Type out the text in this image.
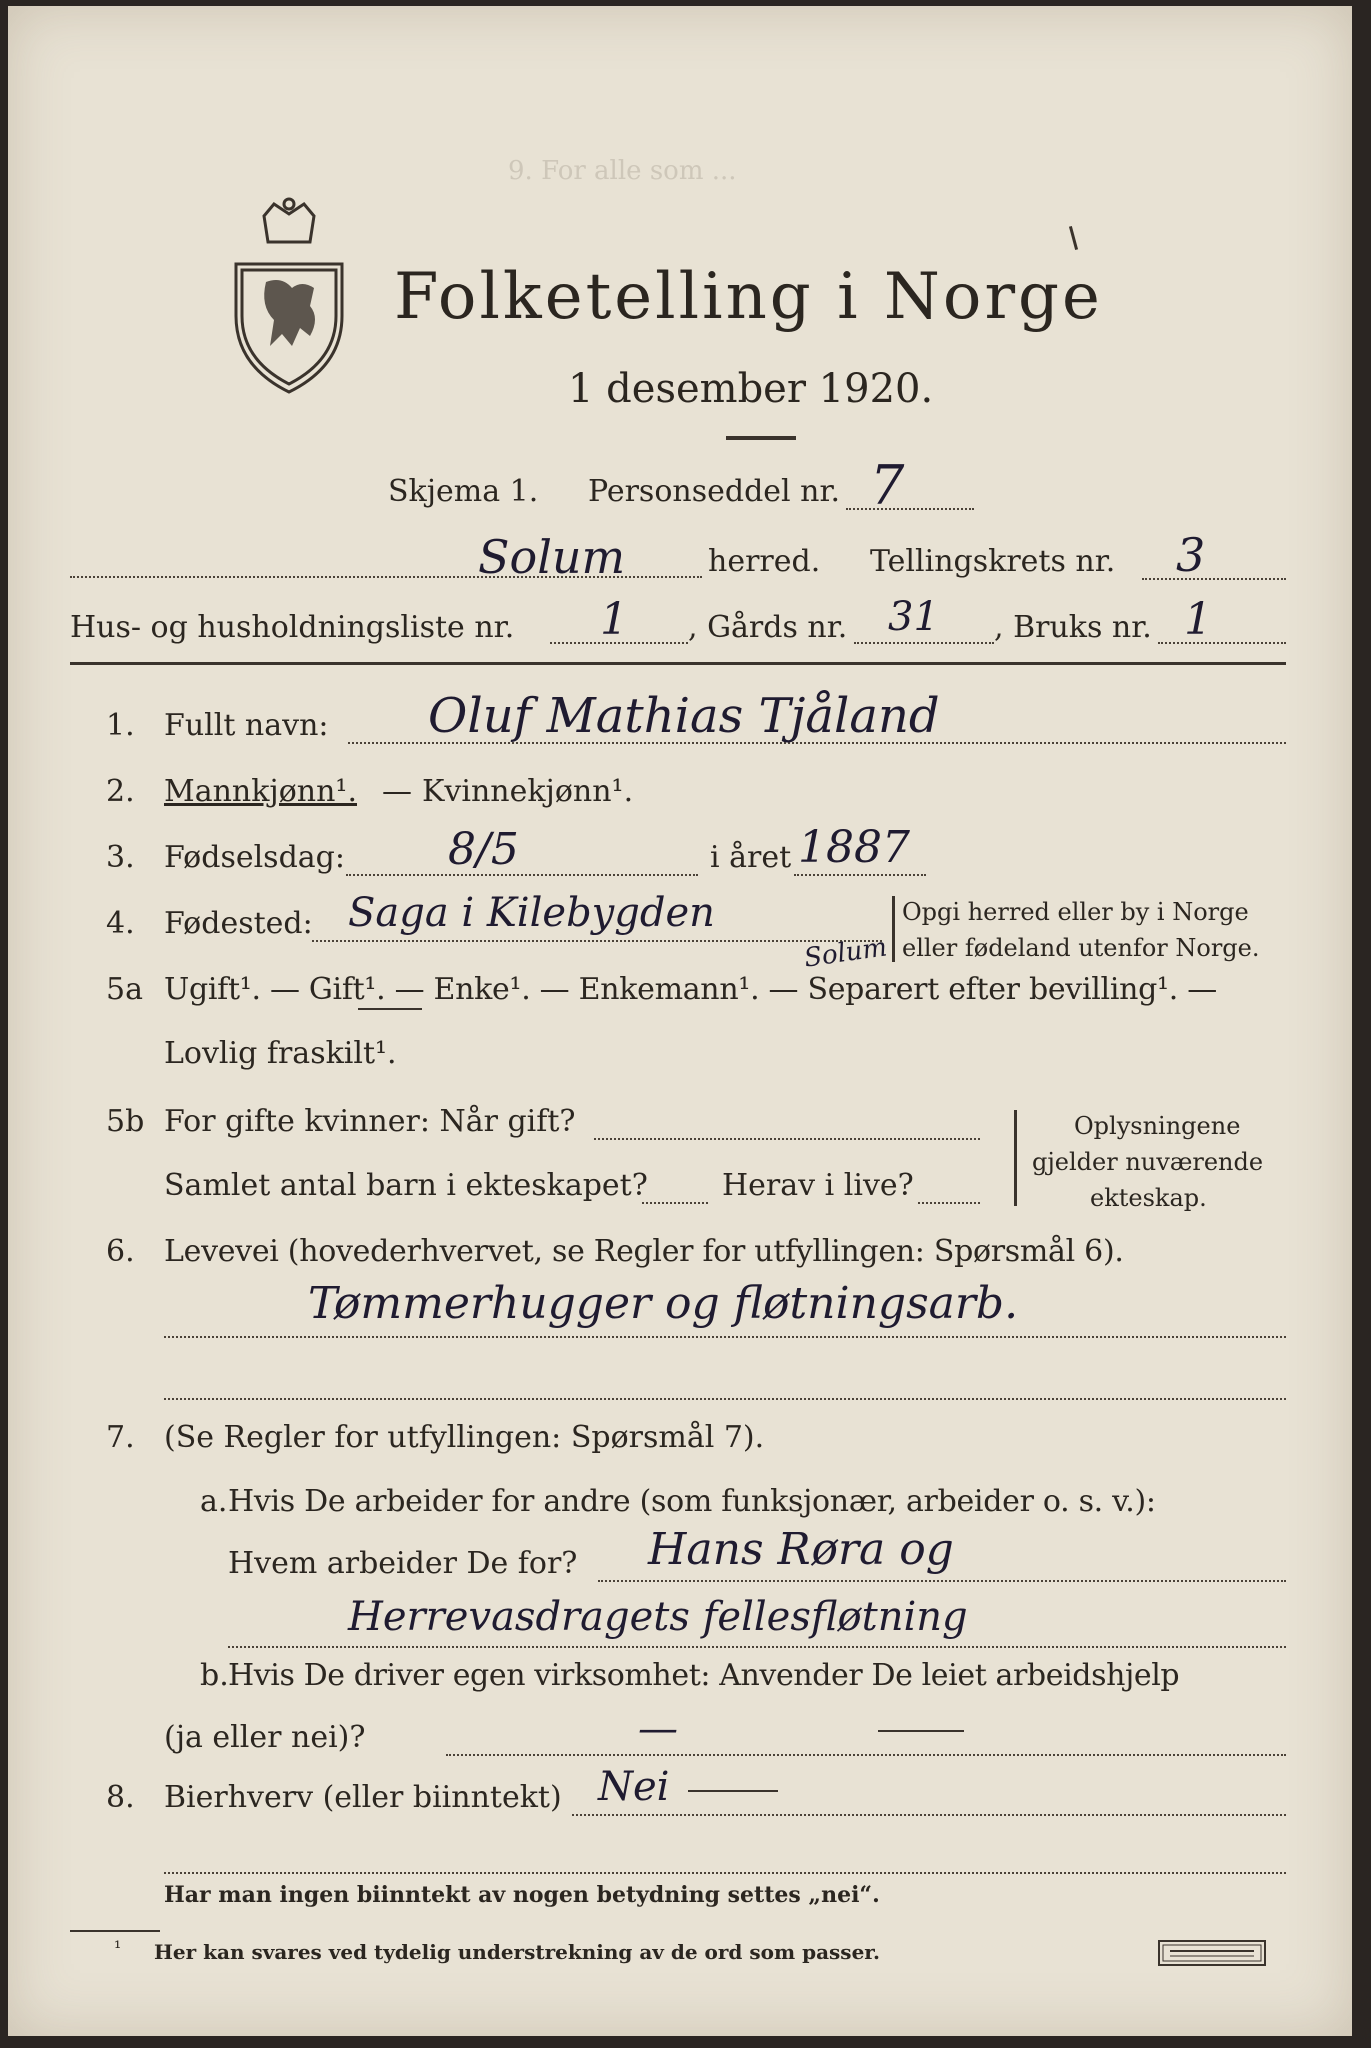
9. For alle som ...
Folketelling i Norge
1 desember 1920.
Skjema 1. Personseddel nr. 7
Solum	herred. Tellingskrets nr. 3
Hus- og husholdningsliste nr. 1 , Gårds nr. 31 , Bruks nr. 1
1. Fullt navn: Oluf Mathias Tjåland
2. Mannkjønn¹. — Kvinnekjønn¹.
3. Fødselsdag: 8/5	i året 1887
4. Fødested: Saga i Kilebygden
Solum
Opgi herred eller by i Norge
eller fødeland utenfor Norge.
5a Ugift¹. — Gift¹. — Enke¹. — Enkemann¹. — Separert efter bevilling¹. —
Lovlig fraskilt¹.
5b For gifte kvinner: Når gift?
Samlet antal barn i ekteskapet? Herav i live?
Oplysningene
gjelder nuværende
ekteskap.
6. Levevei (hovederhvervet, se Regler for utfyllingen: Spørsmål 6).
Tømmerhugger og fløtningsarb.
7. (Se Regler for utfyllingen: Spørsmål 7).
a. Hvis De arbeider for andre (som funksjonær, arbeider o. s. v.):
Hvem arbeider De for? Hans Røra og
Herrevasdragets fellesfløtning
b. Hvis De driver egen virksomhet: Anvender De leiet arbeidshjelp
(ja eller nei)?	—
8. Bierhverv (eller biinntekt) Nei
Har man ingen biinntekt av nogen betydning settes „nei“.
¹ Her kan svares ved tydelig understrekning av de ord som passer.
